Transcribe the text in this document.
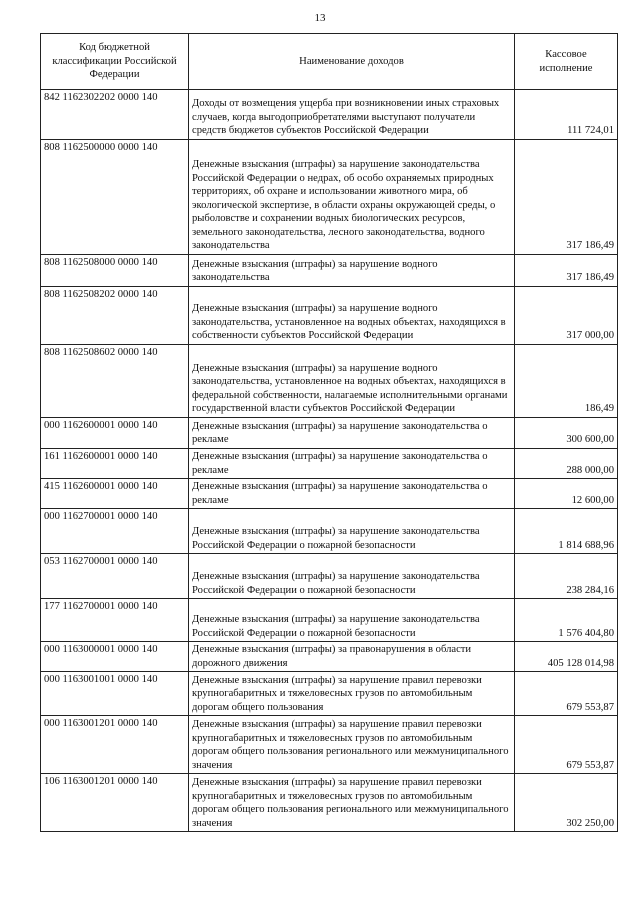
13
Код бюджетной классификации Российской Федерации	Наименование доходов	Кассовое исполнение
842 1162302202 0000 140	Доходы от возмещения ущерба при возникновении иных страховых случаев, когда выгодоприобретателями выступают получатели средств бюджетов субъектов Российской Федерации	111 724,01
808 1162500000 0000 140	Денежные взыскания (штрафы) за нарушение законодательства Российской Федерации о недрах, об особо охраняемых природных территориях, об охране и использовании животного мира, об экологической экспертизе, в области охраны окружающей среды, о рыболовстве и сохранении водных биологических ресурсов, земельного законодательства, лесного законодательства, водного законодательства	317 186,49
808 1162508000 0000 140	Денежные взыскания (штрафы) за нарушение водного законодательства	317 186,49
808 1162508202 0000 140	Денежные взыскания (штрафы) за нарушение водного законодательства, установленное на водных объектах, находящихся в собственности субъектов Российской Федерации	317 000,00
808 1162508602 0000 140	Денежные взыскания (штрафы) за нарушение водного законодательства, установленное на водных объектах, находящихся в федеральной собственности, налагаемые исполнительными органами государственной власти субъектов Российской Федерации	186,49
000 1162600001 0000 140	Денежные взыскания (штрафы) за нарушение законодательства о рекламе	300 600,00
161 1162600001 0000 140	Денежные взыскания (штрафы) за нарушение законодательства о рекламе	288 000,00
415 1162600001 0000 140	Денежные взыскания (штрафы) за нарушение законодательства о рекламе	12 600,00
000 1162700001 0000 140	Денежные взыскания (штрафы) за нарушение законодательства Российской Федерации о пожарной безопасности	1 814 688,96
053 1162700001 0000 140	Денежные взыскания (штрафы) за нарушение законодательства Российской Федерации о пожарной безопасности	238 284,16
177 1162700001 0000 140	Денежные взыскания (штрафы) за нарушение законодательства Российской Федерации о пожарной безопасности	1 576 404,80
000 1163000001 0000 140	Денежные взыскания (штрафы) за правонарушения в области дорожного движения	405 128 014,98
000 1163001001 0000 140	Денежные взыскания (штрафы) за нарушение правил перевозки крупногабаритных и тяжеловесных грузов по автомобильным дорогам общего пользования	679 553,87
000 1163001201 0000 140	Денежные взыскания (штрафы) за нарушение правил перевозки крупногабаритных и тяжеловесных грузов по автомобильным дорогам общего пользования регионального или межмуниципального значения	679 553,87
106 1163001201 0000 140	Денежные взыскания (штрафы) за нарушение правил перевозки крупногабаритных и тяжеловесных грузов по автомобильным дорогам общего пользования регионального или межмуниципального значения	302 250,00
